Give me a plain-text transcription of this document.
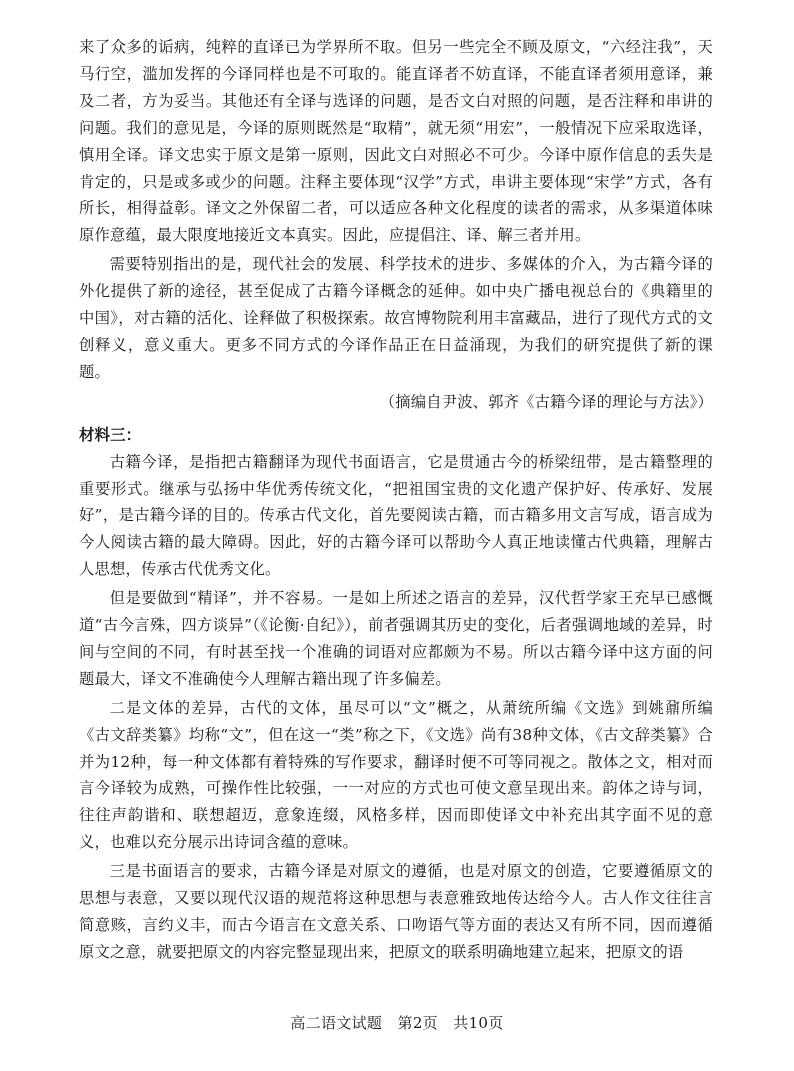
来了众多的诟病，纯粹的直译已为学界所不取。但另一些完全不顾及原文，“六经注我”，天马行空，滥加发挥的今译同样也是不可取的。能直译者不妨直译，不能直译者须用意译，兼及二者，方为妥当。其他还有全译与选译的问题，是否文白对照的问题，是否注释和串讲的问题。我们的意见是，今译的原则既然是“取精”，就无须“用宏”，一般情况下应采取选译，慎用全译。译文忠实于原文是第一原则，因此文白对照必不可少。今译中原作信息的丢失是肯定的，只是或多或少的问题。注释主要体现“汉学”方式，串讲主要体现“宋学”方式，各有所长，相得益彰。译文之外保留二者，可以适应各种文化程度的读者的需求，从多渠道体味原作意蕴，最大限度地接近文本真实。因此，应提倡注、译、解三者并用。

需要特别指出的是，现代社会的发展、科学技术的进步、多媒体的介入，为古籍今译的外化提供了新的途径，甚至促成了古籍今译概念的延伸。如中央广播电视总台的《典籍里的中国》，对古籍的活化、诠释做了积极探索。故宫博物院利用丰富藏品，进行了现代方式的文创释义，意义重大。更多不同方式的今译作品正在日益涌现，为我们的研究提供了新的课题。

（摘编自尹波、郭齐《古籍今译的理论与方法》）
材料三：

古籍今译，是指把古籍翻译为现代书面语言，它是贯通古今的桥梁纽带，是古籍整理的重要形式。继承与弘扬中华优秀传统文化，“把祖国宝贵的文化遗产保护好、传承好、发展好”，是古籍今译的目的。传承古代文化，首先要阅读古籍，而古籍多用文言写成，语言成为今人阅读古籍的最大障碍。因此，好的古籍今译可以帮助今人真正地读懂古代典籍，理解古人思想，传承古代优秀文化。

但是要做到“精译”，并不容易。一是如上所述之语言的差异，汉代哲学家王充早已感慨道“古今言殊，四方谈异”（《论衡·自纪》），前者强调其历史的变化，后者强调地域的差异，时间与空间的不同，有时甚至找一个准确的词语对应都颇为不易。所以古籍今译中这方面的问题最大，译文不准确使今人理解古籍出现了许多偏差。

二是文体的差异，古代的文体，虽尽可以“文”概之，从萧统所编《文选》到姚鼐所编《古文辞类纂》均称“文”，但在这一“类”称之下，《文选》尚有38种文体，《古文辞类纂》合并为12种，每一种文体都有着特殊的写作要求，翻译时便不可等同视之。散体之文，相对而言今译较为成熟，可操作性比较强，一一对应的方式也可使文意呈现出来。韵体之诗与词，往往声韵谐和、联想超迈，意象连缀，风格多样，因而即使译文中补充出其字面不见的意义，也难以充分展示出诗词含蕴的意味。

三是书面语言的要求，古籍今译是对原文的遵循，也是对原文的创造，它要遵循原文的思想与表意，又要以现代汉语的规范将这种思想与表意雅致地传达给今人。古人作文往往言简意赅，言约义丰，而古今语言在文意关系、口吻语气等方面的表达又有所不同，因而遵循原文之意，就要把原文的内容完整显现出来，把原文的联系明确地建立起来，把原文的语

高二语文试题　第2页　共10页
